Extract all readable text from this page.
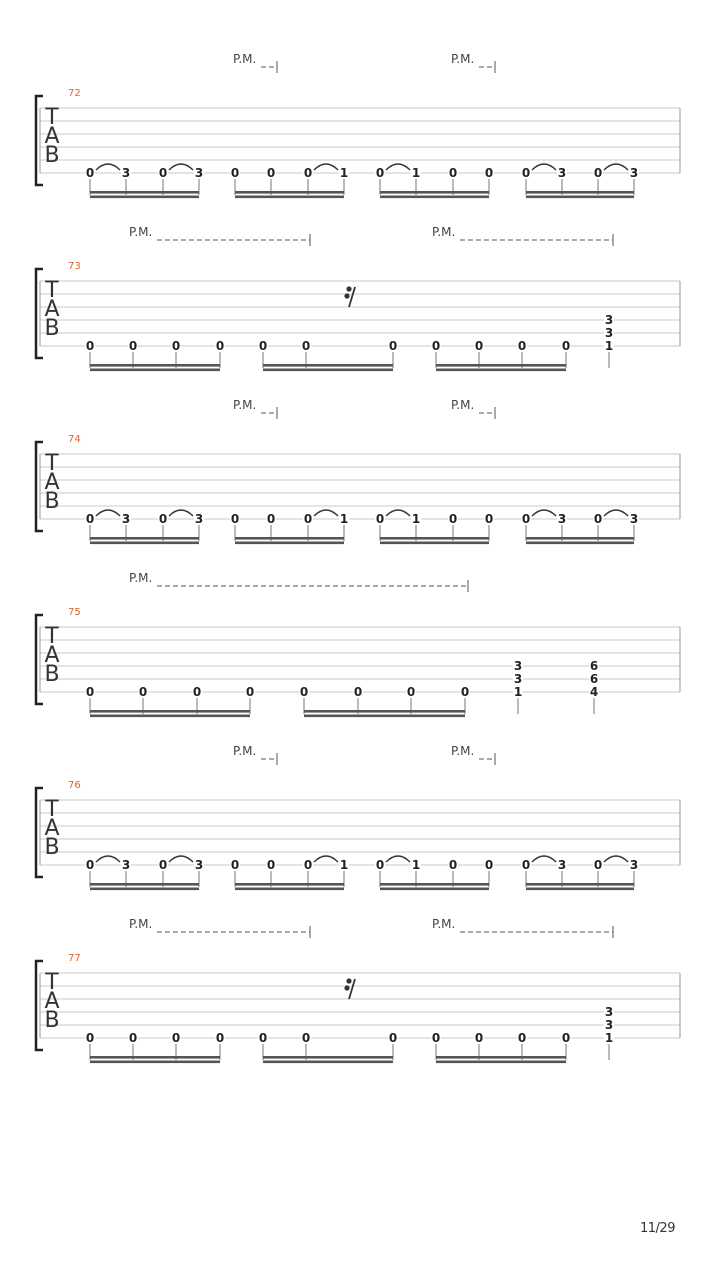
72
T
A
B
P.M.	P.M.
0 3 0 3 0 0 0 1 0 1 0 0 0 3 0 3
73
T
A
B
P.M.	P.M.
0	0	0	0	0	0	0	0	0	0	0
3
3
1
74
T
A
B
P.M.	P.M.
0 3 0 3 0 0 0 1 0 1 0 0 0 3 0 3
75
T
A
B
P.M.
0	0	0	0	0	0	0	0
3
3
1
6
6
4
76
T
A
B
P.M.	P.M.
0 3 0 3 0 0 0 1 0 1 0 0 0 3 0 3
77
T
A
B
P.M.	P.M.
0	0	0	0	0	0	0	0	0	0	0
3
3
1
11/29
